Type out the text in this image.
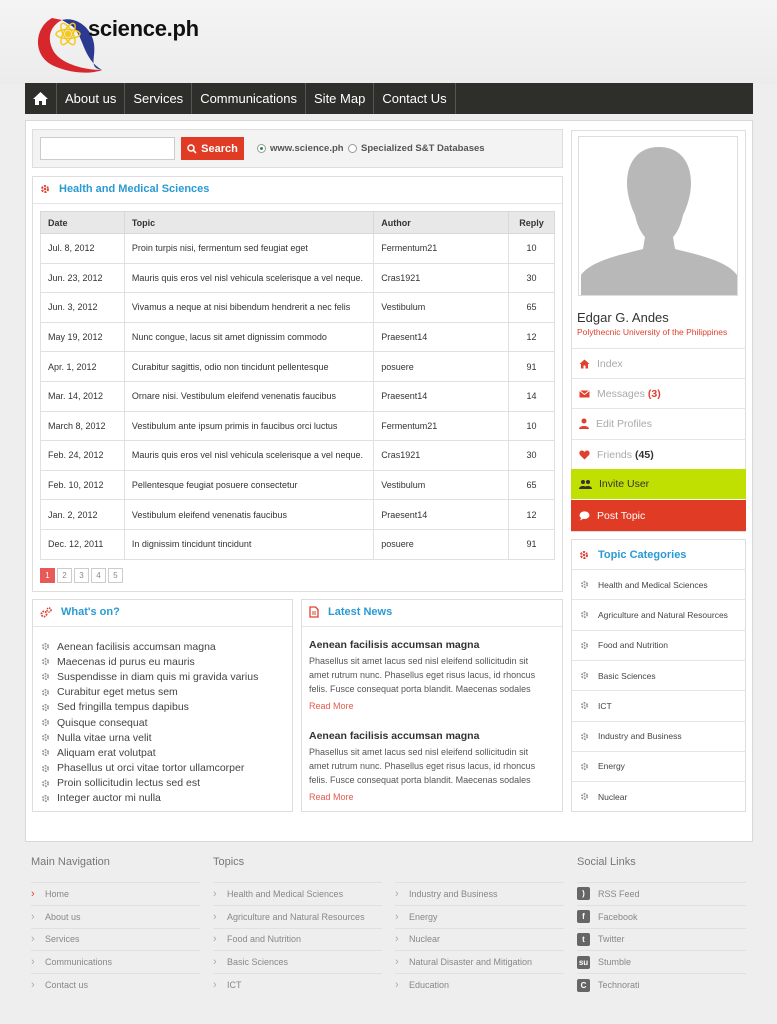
science.ph
About us	Services	Communications	Site Map	Contact Us
Search	www.science.ph Specialized S&T Databases
Health and Medical Sciences
Date	Topic	Author	Reply
Jul. 8, 2012	Proin turpis nisi, fermentum sed feugiat eget	Fermentum21	10
Jun. 23, 2012	Mauris quis eros vel nisl vehicula scelerisque a vel neque.	Cras1921	30
Jun. 3, 2012	Vivamus a neque at nisi bibendum hendrerit a nec felis	Vestibulum	65
May 19, 2012	Nunc congue, lacus sit amet dignissim commodo	Praesent14	12
Apr. 1, 2012	Curabitur sagittis, odio non tincidunt pellentesque	posuere	91
Mar. 14, 2012	Ornare nisi. Vestibulum eleifend venenatis faucibus	Praesent14	14
March 8, 2012	Vestibulum ante ipsum primis in faucibus orci luctus	Fermentum21	10
Feb. 24, 2012	Mauris quis eros vel nisl vehicula scelerisque a vel neque.	Cras1921	30
Feb. 10, 2012	Pellentesque feugiat posuere consectetur	Vestibulum	65
Jan. 2, 2012	Vestibulum eleifend venenatis faucibus	Praesent14	12
Dec. 12, 2011	In dignissim tincidunt tincidunt	posuere	91
1	2	3	4	5
What's on?
Aenean facilisis accumsan magna
Maecenas id purus eu mauris
Suspendisse in diam quis mi gravida varius
Curabitur eget metus sem
Sed fringilla tempus dapibus
Quisque consequat
Nulla vitae urna velit
Aliquam erat volutpat
Phasellus ut orci vitae tortor ullamcorper
Proin sollicitudin lectus sed est
Integer auctor mi nulla
Latest News
Aenean facilisis accumsan magna
Phasellus sit amet lacus sed nisl eleifend sollicitudin sit
amet rutrum nunc. Phasellus eget risus lacus, id rhoncus
felis. Fusce consequat porta blandit. Maecenas sodales
Read More
Aenean facilisis accumsan magna
Phasellus sit amet lacus sed nisl eleifend sollicitudin sit
amet rutrum nunc. Phasellus eget risus lacus, id rhoncus
felis. Fusce consequat porta blandit. Maecenas sodales
Read More
Edgar G. Andes
Polythecnic University of the Philippines
Index
Messages (3)
Edit Profiles
Friends (45)
Invite User
Post Topic
Topic Categories
Health and Medical Sciences
Agriculture and Natural Resources
Food and Nutrition
Basic Sciences
ICT
Industry and Business
Energy
Nuclear
Main Navigation	Topics	Social Links
› Home
› About us
› Services
› Communications
› Contact us
› Health and Medical Sciences
› Agriculture and Natural Resources
› Food and Nutrition
› Basic Sciences
› ICT
› Industry and Business
› Energy
› Nuclear
› Natural Disaster and Mitigation
› Education
)	RSS Feed
f	Facebook
t	Twitter
su Stumble
C	Technorati
